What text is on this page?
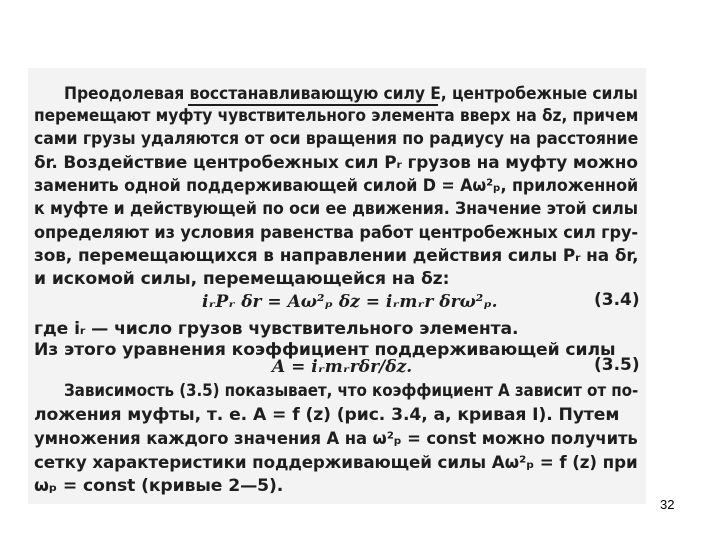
Преодолевая восстанавливающую силу E, центробежные силы
перемещают муфту чувствительного элемента вверх на δz, причем
сами грузы удаляются от оси вращения по радиусу на расстояние
δr. Воздействие центробежных сил Pᵣ грузов на муфту можно
заменить одной поддерживающей силой D = Aω²ₚ, приложенной
к муфте и действующей по оси ее движения. Значение этой силы
определяют из условия равенства работ центробежных сил гру-
зов, перемещающихся в направлении действия силы Pᵣ на δr,
и искомой силы, перемещающейся на δz:
iᵣPᵣ δr = Aω²ₚ δz = iᵣmᵣr δrω²ₚ.	(3.4)
где iᵣ — число грузов чувствительного элемента.
Из этого уравнения коэффициент поддерживающей силы
A = iᵣmᵣrδr/δz.	(3.5)
Зависимость (3.5) показывает, что коэффициент A зависит от по-
ложения муфты, т. е. A = f (z) (рис. 3.4, a, кривая I). Путем
умножения каждого значения A на ω²ₚ = const можно получить
сетку характеристики поддерживающей силы Aω²ₚ = f (z) при
ωₚ = const (кривые 2—5).
32
